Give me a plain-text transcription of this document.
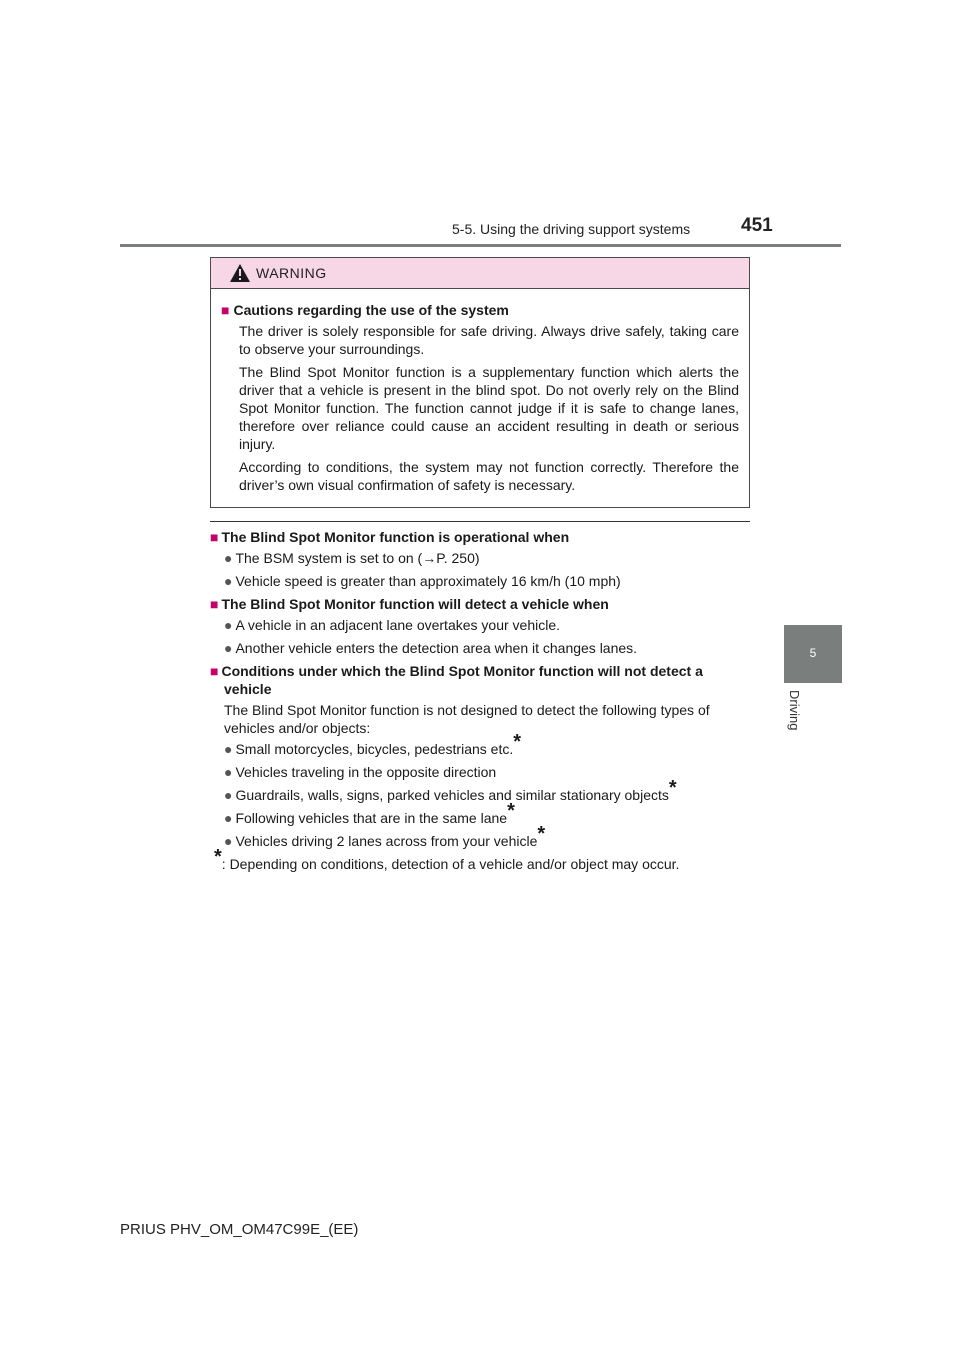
5-5. Using the driving support systems	451
5
Driving
WARNING
■ Cautions regarding the use of the system

The driver is solely responsible for safe driving. Always drive safely, taking care to observe your surroundings.

The Blind Spot Monitor function is a supplementary function which alerts the driver that a vehicle is present in the blind spot. Do not overly rely on the Blind Spot Monitor function. The function cannot judge if it is safe to change lanes, therefore over reliance could cause an accident resulting in death or serious injury.

According to conditions, the system may not function correctly. Therefore the driver’s own visual confirmation of safety is necessary.

■ The Blind Spot Monitor function is operational when
● The BSM system is set to on (→P. 250)
● Vehicle speed is greater than approximately 16 km/h (10 mph)
■ The Blind Spot Monitor function will detect a vehicle when
● A vehicle in an adjacent lane overtakes your vehicle.
● Another vehicle enters the detection area when it changes lanes.
■ Conditions under which the Blind Spot Monitor function will not detect a vehicle

The Blind Spot Monitor function is not designed to detect the following types of vehicles and/or objects:

● Small motorcycles, bicycles, pedestrians etc.*
● Vehicles traveling in the opposite direction
● Guardrails, walls, signs, parked vehicles and similar stationary objects*
● Following vehicles that are in the same lane*
● Vehicles driving 2 lanes across from your vehicle*
*: Depending on conditions, detection of a vehicle and/or object may occur.
PRIUS PHV_OM_OM47C99E_(EE)
